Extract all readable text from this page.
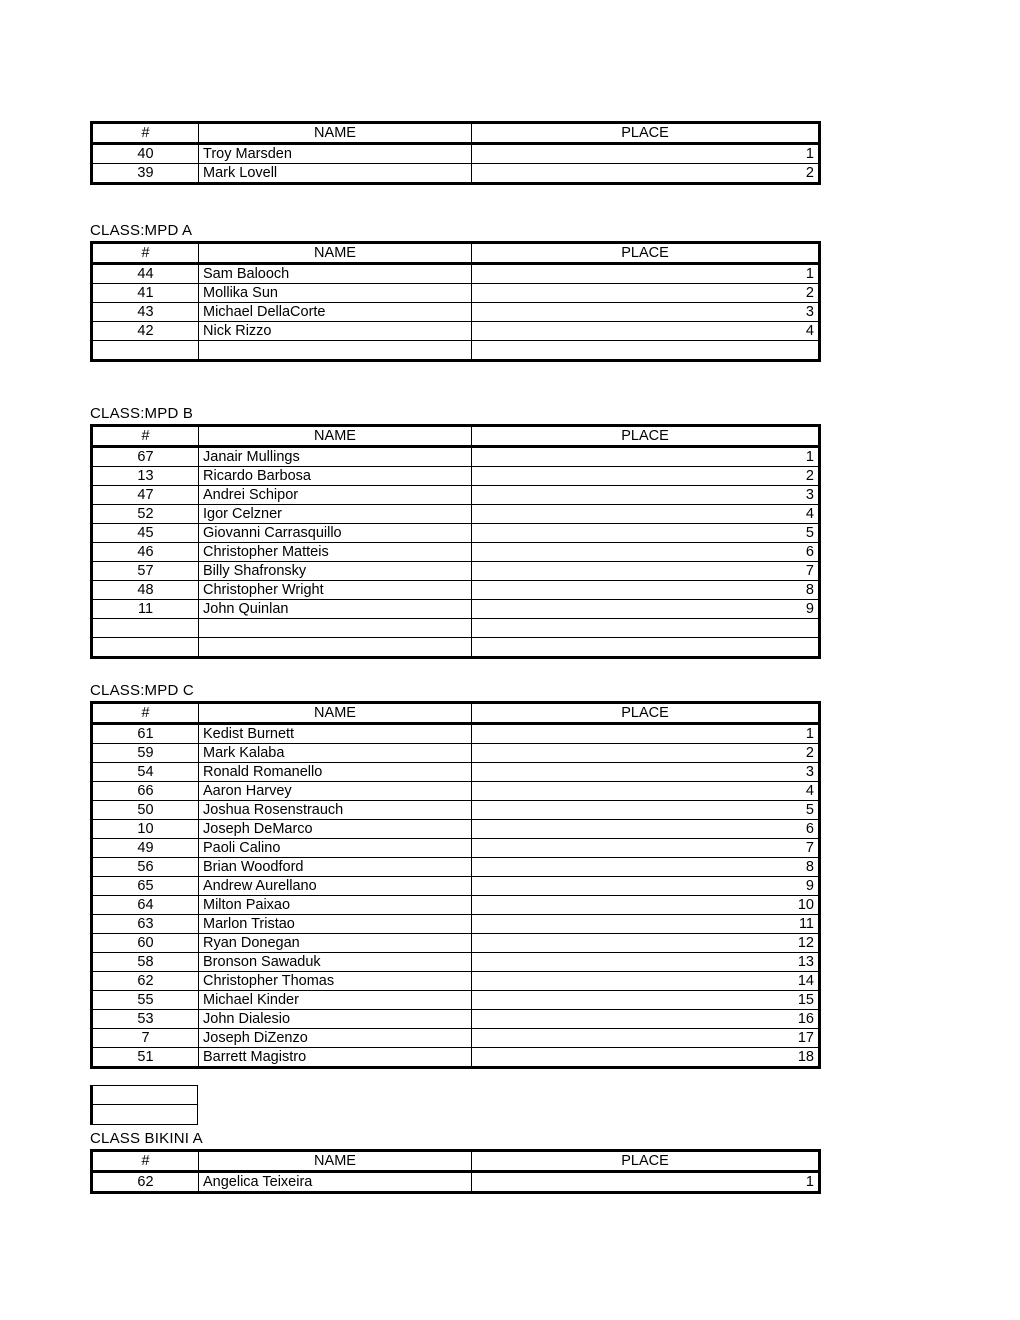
#	NAME	PLACE
40	Troy Marsden	1
39	Mark Lovell	2
CLASS:MPD A
#	NAME	PLACE
44	Sam Balooch	1
41	Mollika Sun	2
43	Michael DellaCorte	3
42	Nick Rizzo	4

CLASS:MPD B
#	NAME	PLACE
67	Janair Mullings	1
13	Ricardo Barbosa	2
47	Andrei Schipor	3
52	Igor Celzner	4
45	Giovanni Carrasquillo	5
46	Christopher Matteis	6
57	Billy Shafronsky	7
48	Christopher Wright	8
11	John Quinlan	9

CLASS:MPD C
#	NAME	PLACE
61	Kedist Burnett	1
59	Mark Kalaba	2
54	Ronald Romanello	3
66	Aaron Harvey	4
50	Joshua Rosenstrauch	5
10	Joseph DeMarco	6
49	Paoli Calino	7
56	Brian Woodford	8
65	Andrew Aurellano	9
64	Milton Paixao	10
63	Marlon Tristao	11
60	Ryan Donegan	12
58	Bronson Sawaduk	13
62	Christopher Thomas	14
55	Michael Kinder	15
53	John Dialesio	16
7	Joseph DiZenzo	17
51	Barrett Magistro	18
CLASS BIKINI A
#	NAME	PLACE
62	Angelica Teixeira	1
